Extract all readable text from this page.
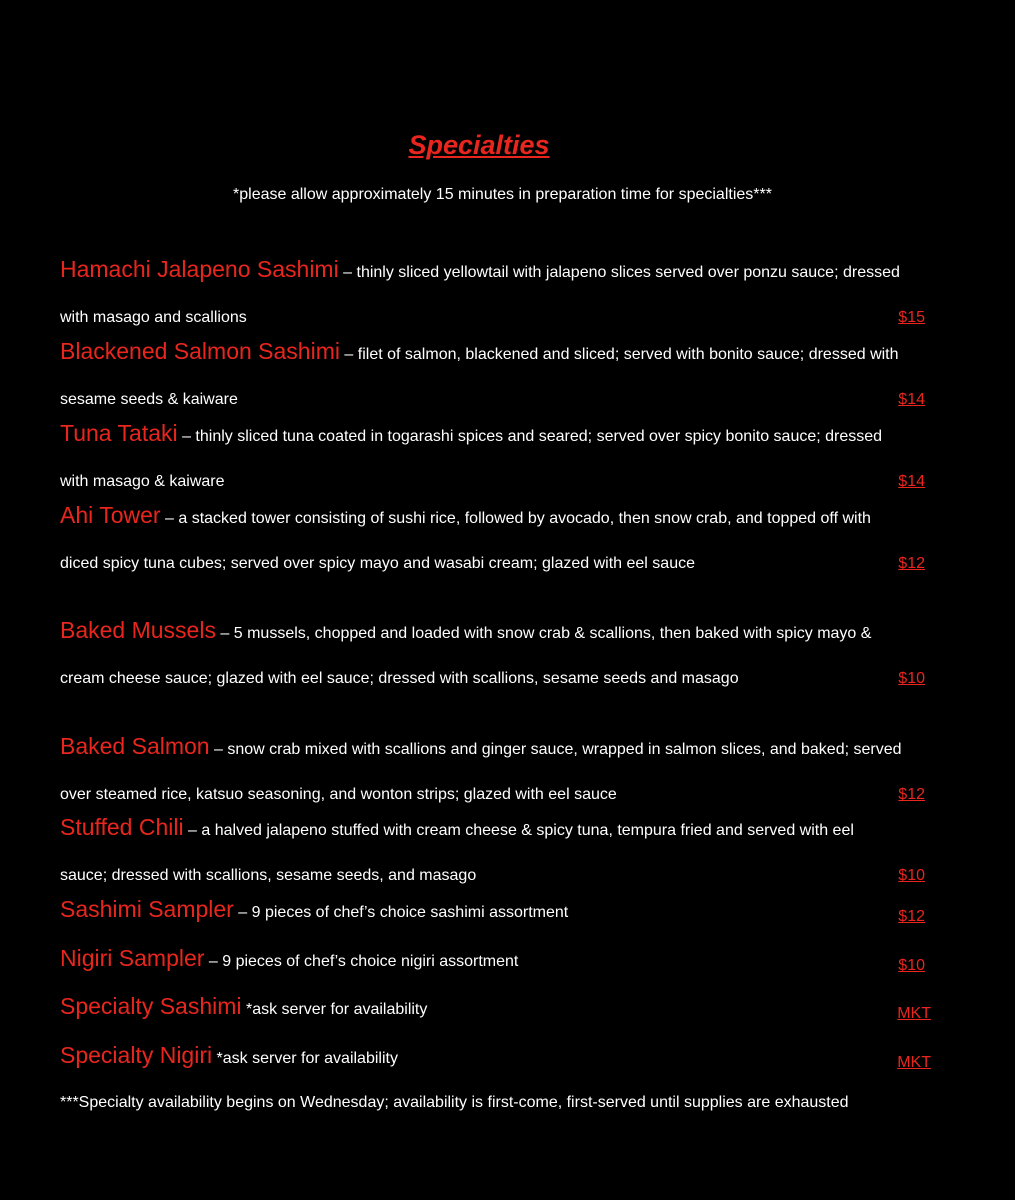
Specialties
*please allow approximately 15 minutes in preparation time for specialties***
Hamachi Jalapeno Sashimi – thinly sliced yellowtail with jalapeno slices served over ponzu sauce; dressed
with masago and scallions	$15
Blackened Salmon Sashimi – filet of salmon, blackened and sliced; served with bonito sauce; dressed with
sesame seeds & kaiware	$14
Tuna Tataki – thinly sliced tuna coated in togarashi spices and seared; served over spicy bonito sauce; dressed
with masago & kaiware	$14
Ahi Tower – a stacked tower consisting of sushi rice, followed by avocado, then snow crab, and topped off with
diced spicy tuna cubes; served over spicy mayo and wasabi cream; glazed with eel sauce	$12
Baked Mussels – 5 mussels, chopped and loaded with snow crab & scallions, then baked with spicy mayo &
cream cheese sauce; glazed with eel sauce; dressed with scallions, sesame seeds and masago	$10
Baked Salmon – snow crab mixed with scallions and ginger sauce, wrapped in salmon slices, and baked; served
over steamed rice, katsuo seasoning, and wonton strips; glazed with eel sauce	$12
Stuffed Chili – a halved jalapeno stuffed with cream cheese & spicy tuna, tempura fried and served with eel
sauce; dressed with scallions, sesame seeds, and masago	$10
Sashimi Sampler – 9 pieces of chef’s choice sashimi assortment	$12
Nigiri Sampler – 9 pieces of chef’s choice nigiri assortment	$10
Specialty Sashimi *ask server for availability	MKT
Specialty Nigiri *ask server for availability	MKT
***Specialty availability begins on Wednesday; availability is first-come, first-served until supplies are exhausted
